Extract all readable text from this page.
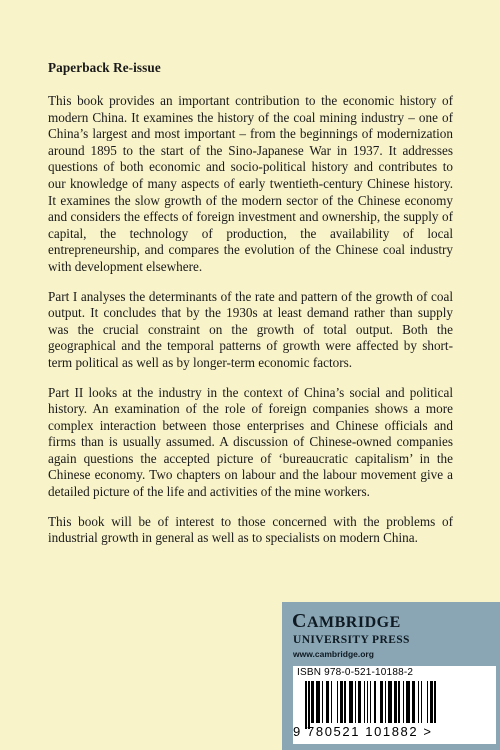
Paperback Re-issue

This book provides an important contribution to the economic history of modern China. It examines the history of the coal mining industry – one of China’s largest and most important – from the beginnings of modernization around 1895 to the start of the Sino-Japanese War in 1937. It addresses questions of both economic and socio-political history and contributes to our knowledge of many aspects of early twentieth-century Chinese history. It examines the slow growth of the modern sector of the Chinese economy and considers the effects of foreign investment and ownership, the supply of capital, the technology of production, the availability of local entrepreneurship, and compares the evolution of the Chinese coal industry with development elsewhere.

Part I analyses the determinants of the rate and pattern of the growth of coal output. It concludes that by the 1930s at least demand rather than supply was the crucial constraint on the growth of total output. Both the geographical and the temporal patterns of growth were affected by short-term political as well as by longer-term economic factors.

Part II looks at the industry in the context of China’s social and political history. An examination of the role of foreign companies shows a more complex interaction between those enterprises and Chinese officials and firms than is usually assumed. A discussion of Chinese-owned companies again questions the accepted picture of ‘bureaucratic capitalism’ in the Chinese economy. Two chapters on labour and the labour movement give a detailed picture of the life and activities of the mine workers.

This book will be of interest to those concerned with the problems of industrial growth in general as well as to specialists on modern China.

CAMBRIDGE
UNIVERSITY PRESS
www.cambridge.org
ISBN 978-0-521-10188-2
9 780521 101882 >
